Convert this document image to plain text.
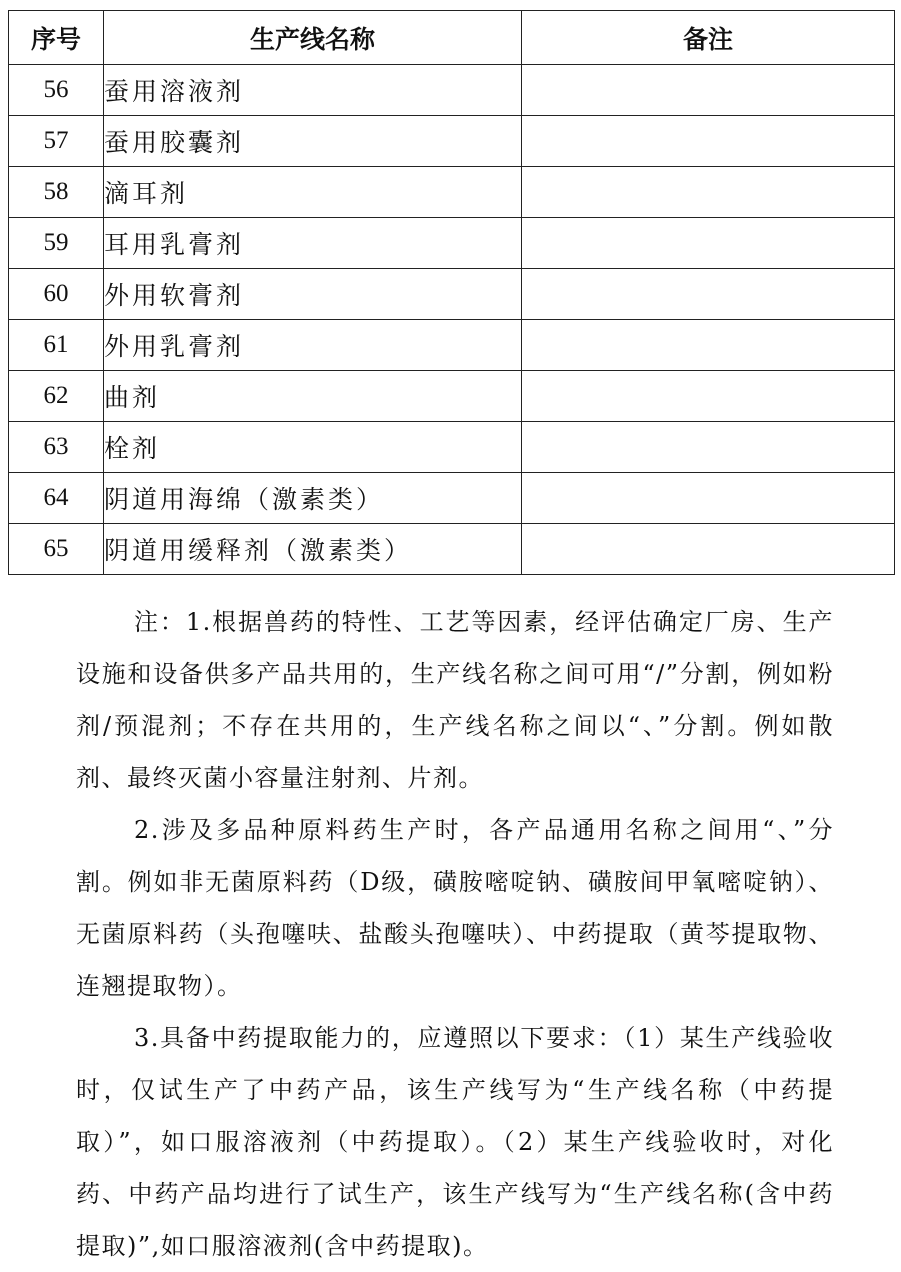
序号	生产线名称	备注
56	蚕用溶液剂	
57	蚕用胶囊剂	
58	滴耳剂	
59	耳用乳膏剂	
60	外用软膏剂	
61	外用乳膏剂	
62	曲剂	
63	栓剂	
64	阴道用海绵（激素类）	
65	阴道用缓释剂（激素类）	

注：1.根据兽药的特性、工艺等因素，经评估确定厂房、生产设施和设备供多产品共用的，生产线名称之间可用“/”分割，例如粉剂/预混剂；不存在共用的，生产线名称之间以“、”分割。例如散剂、最终灭菌小容量注射剂、片剂。

2.涉及多品种原料药生产时，各产品通用名称之间用“、”分割。例如非无菌原料药（D级，磺胺嘧啶钠、磺胺间甲氧嘧啶钠）、无菌原料药（头孢噻呋、盐酸头孢噻呋）、中药提取（黄芩提取物、连翘提取物）。

3.具备中药提取能力的，应遵照以下要求：（1）某生产线验收时，仅试生产了中药产品，该生产线写为“生产线名称（中药提取）”，如口服溶液剂（中药提取）。（2）某生产线验收时，对化药、中药产品均进行了试生产，该生产线写为“生产线名称(含中药提取)”,如口服溶液剂(含中药提取)。
